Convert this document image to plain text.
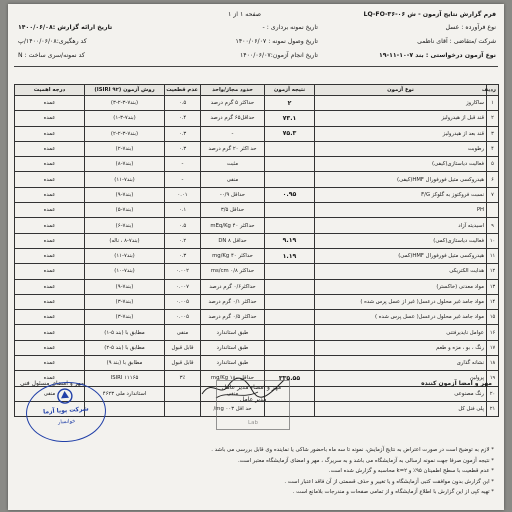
صفحه ۱ از ۱	فرم گزارش نتایج آزمون - ش LQ-FO-۳۶-۰۶
نوع فرآورده : عسل
تاریخ نمونه برداری : -
تاریخ ارائه گزارش :۱۴۰۰/۰۶/۰۸
شرکت /متقاضی : آقای ناظمی
تاریخ وصول نمونه : ۱۴۰۰/۰۶/۰۷
کد رهگیری:۱۴۰۰/۰۶/۰۸/پ
نوع آزمون درخواستی : بند ۷-۱۰-۱۱-۱۹
تاریخ انجام آزمون:۱۴۰۰/۰۶/۰۷
کد نمونه/سری ساخت : N
ردیف	نوع آزمون	نتیجه آزمون	حدود مجاز/واحد	عدم قطعیت	روش آزمون (ISIRI ۹۲)	درجه اهمیت
۱	ساکاروز	۲	حداکثر ۵ گرم درصد	۰.۵	(بند۷-۳-۲-۳)	عمده
۲	قند قبل از هیدرولیز	۷۳.۱	حداقل۶۵ گرم درصد	۰.۴	(بند۷-۳-۱)	عمده
۳	قند بعد از هیدرولیز	۷۵.۳	-	۰.۳	(بند۷-۳-۲-۲)	عمده
۴	رطوبت		حد اکثر ۲۰ گرم درصد	۰.۳	(بند۷-۲)	عمده
۵	فعالیت دیاستازی(کیفی)		مثبت	-	(بند۷-۸)	عمده
۶	هیدروکسی متیل فورفورال HMF(کیفی)		منفی	-	(بند۷-۱۱)	عمده
۷	نسبت فروکتوز به گلوکز F/G	۰.۹۵	حداقل ۰/۹-	۰.۰۱	(بند۷-۹)	عمده
	PH		حداقل ۳/۵	۰.۱	(بند۷-۵)	عمده
۹	اسیدیته آزاد		حداکثر ۴۰ mEq/Kg	۰.۵	(بند۷-۶)	عمده
۱۰	فعالیت دیاستازی(کمی)	۹.۱۹	حداقل ۸ DN	۰.۲	(بند۷-۸ ، ناله)	عمده
۱۱	هیدروکسی متیل فورفورال HMF(کمی)	۱.۱۹	حداکثر ۴۰ mg/Kg	۰.۳	(بند۷-۱۱)	عمده
۱۲	هدایت الکتریکی		حداکثر ۰/۸ ms/cm	۰.۰۰۲	(بند۷-۱۰)	عمده
۱۳	مواد معدنی (خاکستر)		حداکثر۰/۶ گرم درصد	۰.۰۰۷	(بند۷-۹)	عمده
۱۴	مواد جامد غیر محلول درعسل( غیر از عسل پرس شده )		حداکثر ۰/۱ گرم درصد	۰.۰۰۵	(بند۷-۳)	عمده
۱۵	مواد جامد غیر محلول درعسل( عسل پرس شده )		حداکثر ۰/۵ گرم درصد	۰.۰۰۵	(بند۷-۳)	عمده
۱۶	عوامل نایدیرفتنی		طبق استاندارد	منفی	مطابق با (بند ۵-۱)	عمده
۱۷	رنگ ، بو ، مزه و طعم		طبق استاندارد	قابل قبول	مطابق با (بند ۵-۲)	عمده
۱۸	نشانه گذاری		طبق استاندارد	قابل قبول	مطابق با (بند ۹)	عمده
۱۹	پرولین	۳۳۵.۵۵	حداقل ۱۸۰ mg/Kg	۳٪	ISIRI ۱۱۱۶۵	عمده
۲۰	رنگ مصنوعی		منفی		استاندارد ملی ۴۶۲۳	منفی
۲۱	پلی فنل کل		حد اقل ۰۰۳ mg/			
مهر و امضای مسئول فنی
مهر و امضاء مدیر عامل
مهر و امضا آزمون کننده
مدیر عامل
شرکت پویا آزما
خوانسار	Lab
* لازم به توضیح است در صورت اعتراض به نتایج آزمایش، نمونه تا سه ماه باحضور شاکی یا نماینده وی قابل بررسی می باشد .
* نتیجه آزمون صرفا جهت نمونه ارسالی به آزمایشگاه می باشد و به سریرگ ، مهر و امضای آزمایشگاه معتبر است.
* عدم قطعیت با سطح اطمینان ۹۵٪ و k=۲ محاسبه و گزارش شده است.
* این گزارش بدون موافقت کتبی آزمایشگاه و یا تغییر و حذف قسمتی از آن فاقد اعتبار است .
* تهیه کپی از این گزارش با اطلاع آزمایشگاه و از تمامی صفحات و مندرجات بلامانع است .
